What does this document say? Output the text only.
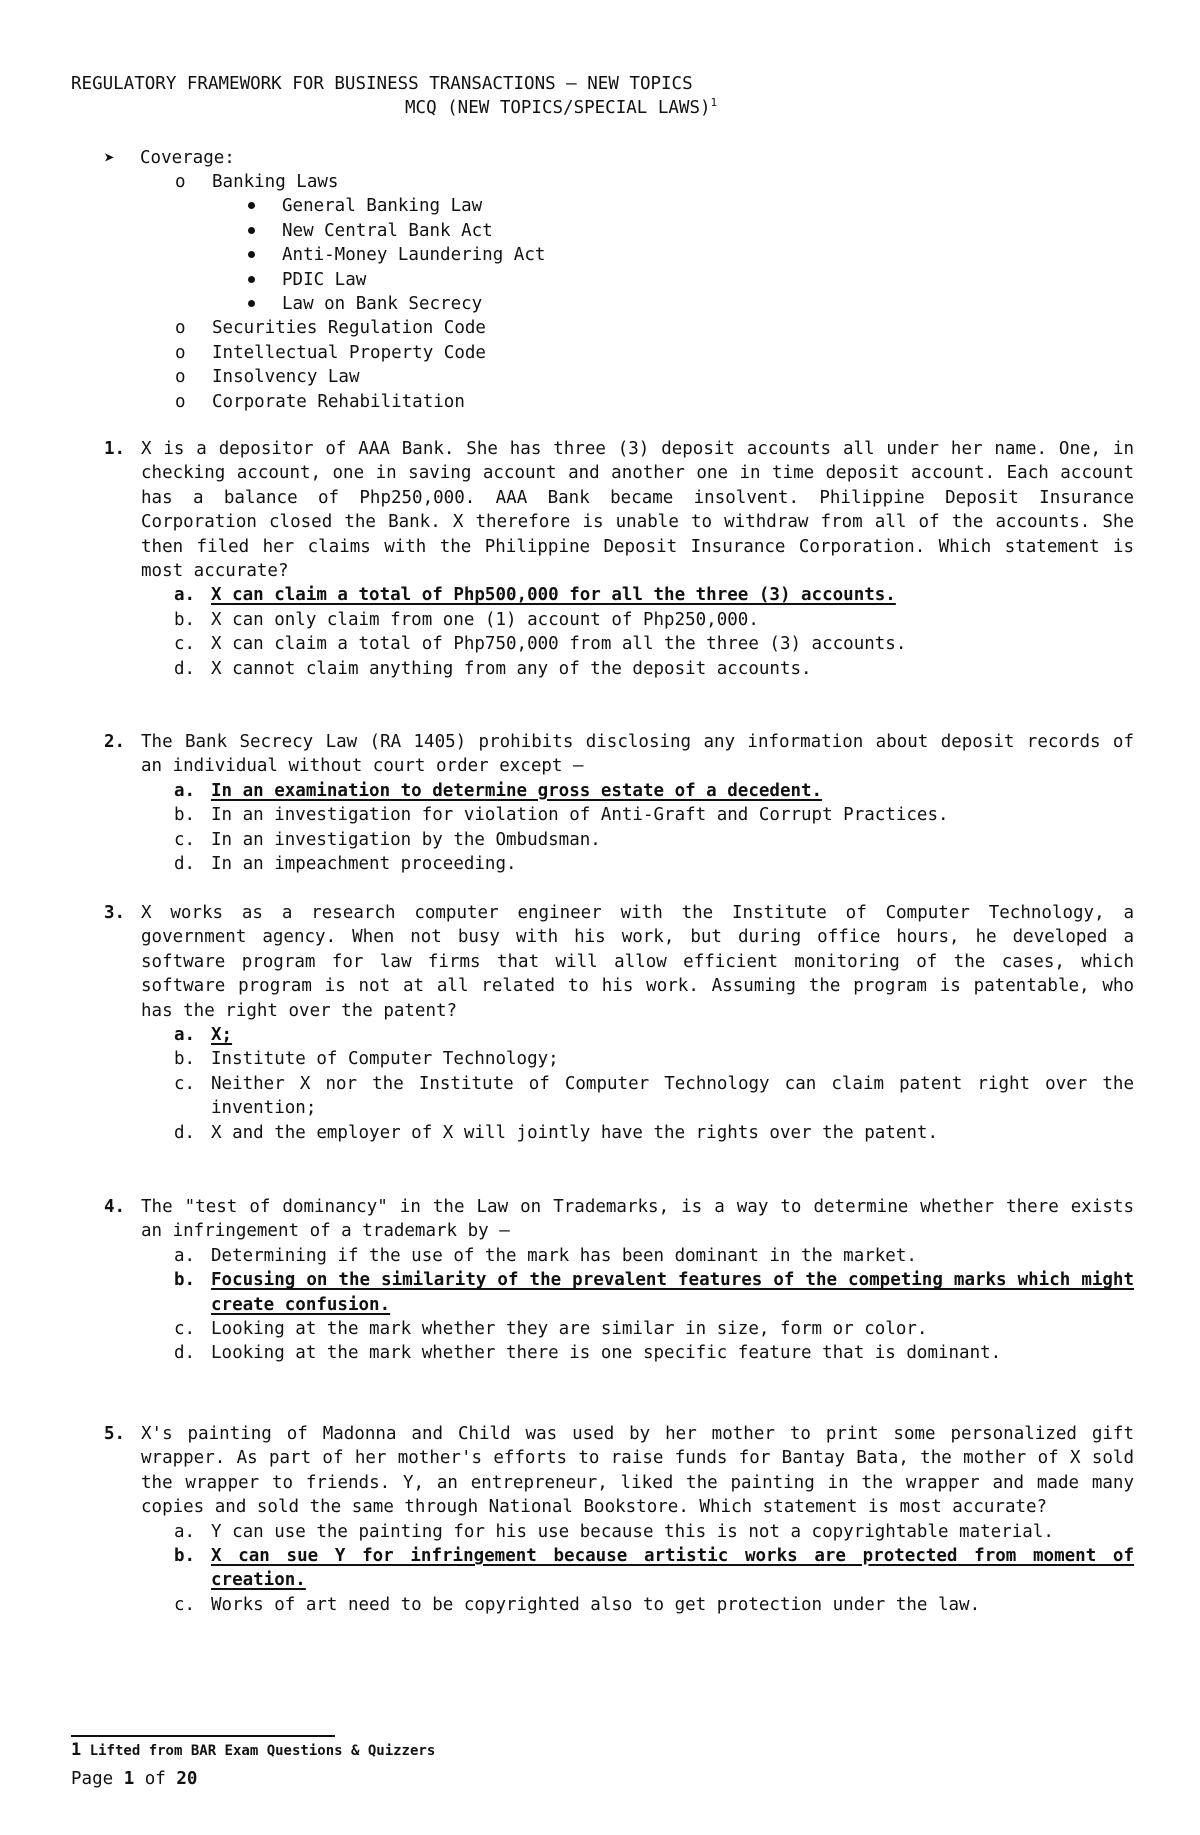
REGULATORY FRAMEWORK FOR BUSINESS TRANSACTIONS – NEW TOPICS
MCQ (NEW TOPICS/SPECIAL LAWS)$^1$
➤ Coverage:
o Banking Laws
General Banking Law
New Central Bank Act
Anti-Money Laundering Act
PDIC Law
Law on Bank Secrecy
o Securities Regulation Code
o Intellectual Property Code
o Insolvency Law
o Corporate Rehabilitation
1. X is a depositor of AAA Bank. She has three (3) deposit accounts all under her name. One, in checking account, one in saving account and another one in time deposit account. Each account has a balance of Php250,000. AAA Bank became insolvent. Philippine Deposit Insurance Corporation closed the Bank. X therefore is unable to withdraw from all of the accounts. She then filed her claims with the Philippine Deposit Insurance Corporation. Which statement is most accurate?
a. X can claim a total of Php500,000 for all the three (3) accounts.
b. X can only claim from one (1) account of Php250,000.
c. X can claim a total of Php750,000 from all the three (3) accounts.
d. X cannot claim anything from any of the deposit accounts.
2. The Bank Secrecy Law (RA 1405) prohibits disclosing any information about deposit records of an individual without court order except –
a. In an examination to determine gross estate of a decedent.
b. In an investigation for violation of Anti-Graft and Corrupt Practices.
c. In an investigation by the Ombudsman.
d. In an impeachment proceeding.
3. X works as a research computer engineer with the Institute of Computer Technology, a government agency. When not busy with his work, but during office hours, he developed a software program for law firms that will allow efficient monitoring of the cases, which software program is not at all related to his work. Assuming the program is patentable, who has the right over the patent?
a. X;
b. Institute of Computer Technology;
c. Neither X nor the Institute of Computer Technology can claim patent right over the invention;
d. X and the employer of X will jointly have the rights over the patent.
4. The "test of dominancy" in the Law on Trademarks, is a way to determine whether there exists an infringement of a trademark by –
a. Determining if the use of the mark has been dominant in the market.
b. Focusing on the similarity of the prevalent features of the competing marks which might create confusion.
c. Looking at the mark whether they are similar in size, form or color.
d. Looking at the mark whether there is one specific feature that is dominant.
5. X's painting of Madonna and Child was used by her mother to print some personalized gift wrapper. As part of her mother's efforts to raise funds for Bantay Bata, the mother of X sold the wrapper to friends. Y, an entrepreneur, liked the painting in the wrapper and made many copies and sold the same through National Bookstore. Which statement is most accurate?
a. Y can use the painting for his use because this is not a copyrightable material.
b. X can sue Y for infringement because artistic works are protected from moment of creation.
c. Works of art need to be copyrighted also to get protection under the law.
1 Lifted from BAR Exam Questions & Quizzers
Page 1 of 20
